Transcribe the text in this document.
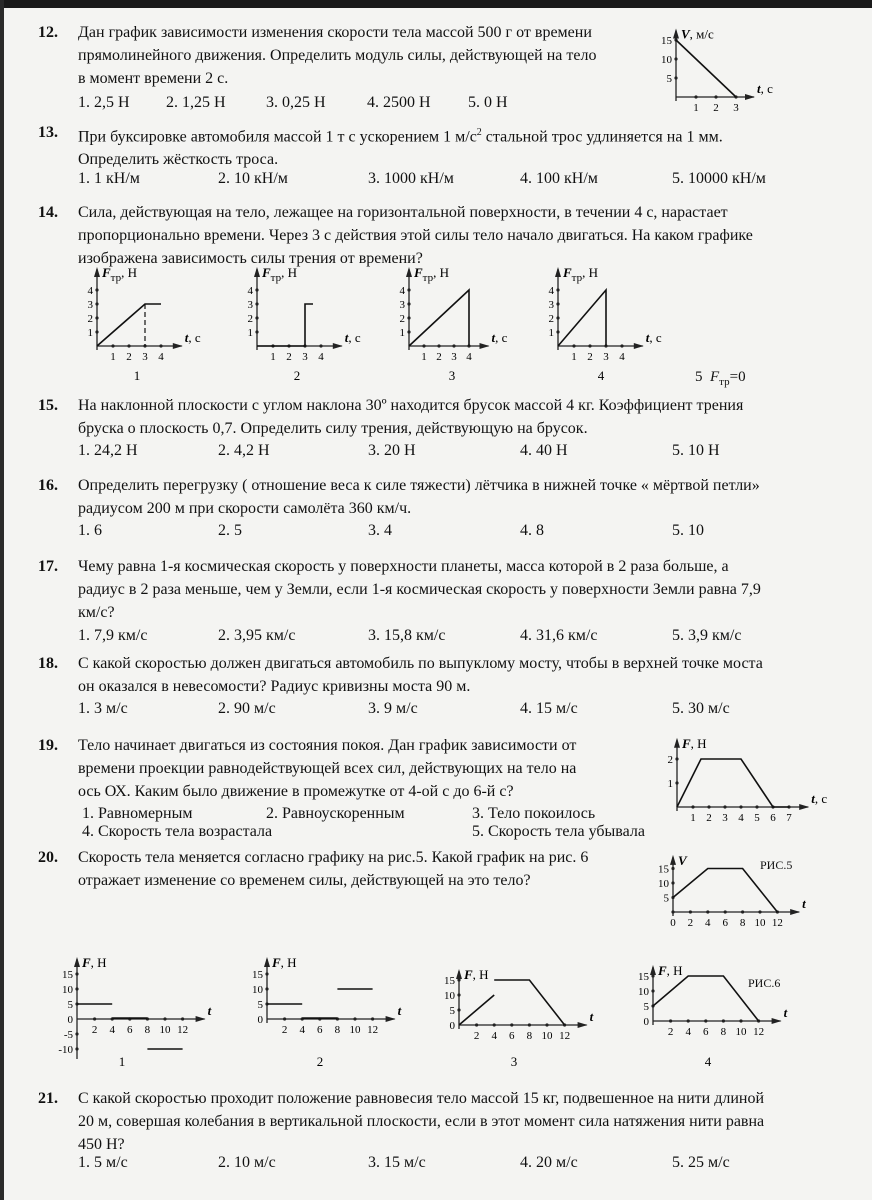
12. Дан график зависимости изменения скорости тела массой 500 г от времени
прямолинейного движения. Определить модуль силы, действующей на тело
в момент времени 2 с.
1. 2,5 Н 2. 1,25 Н	3. 0,25 Н	4. 2500 Н 5. 0 Н
13. При буксировке автомобиля массой 1 т с ускорением 1 $м/с^2$ стальной трос удлиняется на 1 мм.
Определить жёсткость троса.
1. 1 кН/м	2. 10 кН/м	3. 1000 кН/м	4. 100 кН/м	5. 10000 кН/м
14. Сила, действующая на тело, лежащее на горизонтальной поверхности, в течении 4 с, нарастает
пропорционально времени. Через 3 с действия этой силы тело начало двигаться. На каком графике
изображена зависимость силы трения от времени?
5 $F_{тр}=0$
15. На наклонной плоскости с углом наклона 30º находится брусок массой 4 кг. Коэффициент трения
бруска о плоскость 0,7. Определить силу трения, действующую на брусок.
1. 24,2 Н	2. 4,2 Н	3. 20 Н	4. 40 Н	5. 10 Н
16. Определить перегрузку ( отношение веса к силе тяжести) лётчика в нижней точке « мёртвой петли»
радиусом 200 м при скорости самолёта 360 км/ч.
1. 6	2. 5	3. 4	4. 8	5. 10
17. Чему равна 1-я космическая скорость у поверхности планеты, масса которой в 2 раза больше, а
радиус в 2 раза меньше, чем у Земли, если 1-я космическая скорость у поверхности Земли равна 7,9
км/с?
1. 7,9 км/с	2. 3,95 км/с	3. 15,8 км/с	4. 31,6 км/с	5. 3,9 км/с
18. С какой скоростью должен двигаться автомобиль по выпуклому мосту, чтобы в верхней точке моста
он оказался в невесомости? Радиус кривизны моста 90 м.
1. 3 м/с	2. 90 м/с	3. 9 м/с	4. 15 м/с	5. 30 м/с
19. Тело начинает двигаться из состояния покоя. Дан график зависимости от
времени проекции равнодействующей всех сил, действующих на тело на
ось ОХ. Каким было движение в промежутке от 4-ой с до 6-й с?
1. Равномерным	2. Равноускоренным	3. Тело покоилось
4. Скорость тела возрастала	5. Скорость тела убывала
20. Скорость тела меняется согласно графику на рис.5. Какой график на рис. 6
отражает изменение со временем силы, действующей на это тело?
РИС.5
РИС.6
21. С какой скоростью проходит положение равновесия тело массой 15 кг, подвешенное на нити длиной
20 м, совершая колебания в вертикальной плоскости, если в этот момент сила натяжения нити равна
450 Н?
1. 5 м/с	2. 10 м/с	3. 15 м/с	4. 20 м/с	5. 25 м/с
1 2 3
5
10
15 V, м/с
t, с
1 2 3 4
1
2
3
4
$F_{тр}$, Н
t, с
1
1 2 3 4
1
2
3
4
$F_{тр}$, Н
t, с
2
1 2 3 4
1
2
3
4
$F_{тр}$, Н
t, с
3
1 2 3 4
1
2
3
4
$F_{тр}$, Н
t, с
4
1 2 3 4 5 6 7
1
2
F, Н
t, с
0 2 4 6 8 10 12
5
10
15
V
t
2 4 6 8 10 12
-10
-5
0
5
10
15
F, Н
t
1
2 4 6 8 10 12
0
5
10
15
F, Н
t
2
2 4 6 8 10 12
0
5
10
15 F, Н
t
3
2 4 6 8 10 12
0
5
10
15 F, Н
t
4
